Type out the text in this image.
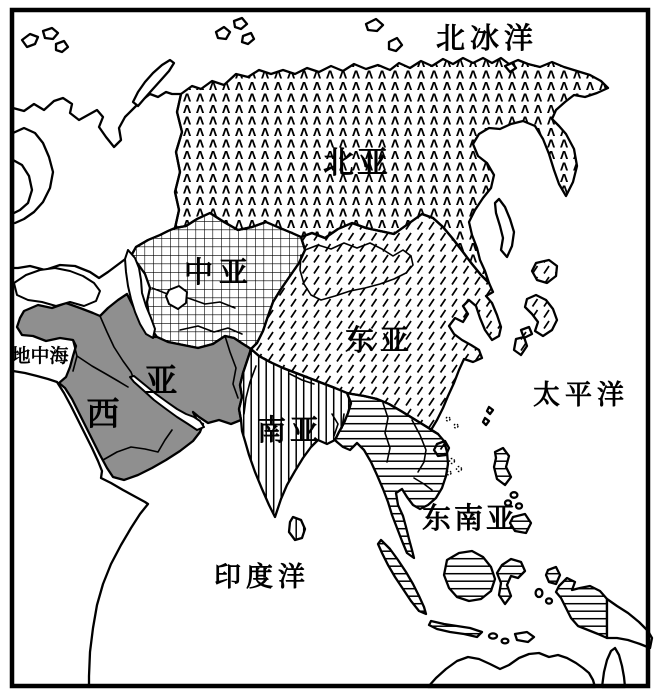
北冰洋
北亚
中亚
东亚
西
亚
南亚
东南亚
太平洋
印度洋
地中海
